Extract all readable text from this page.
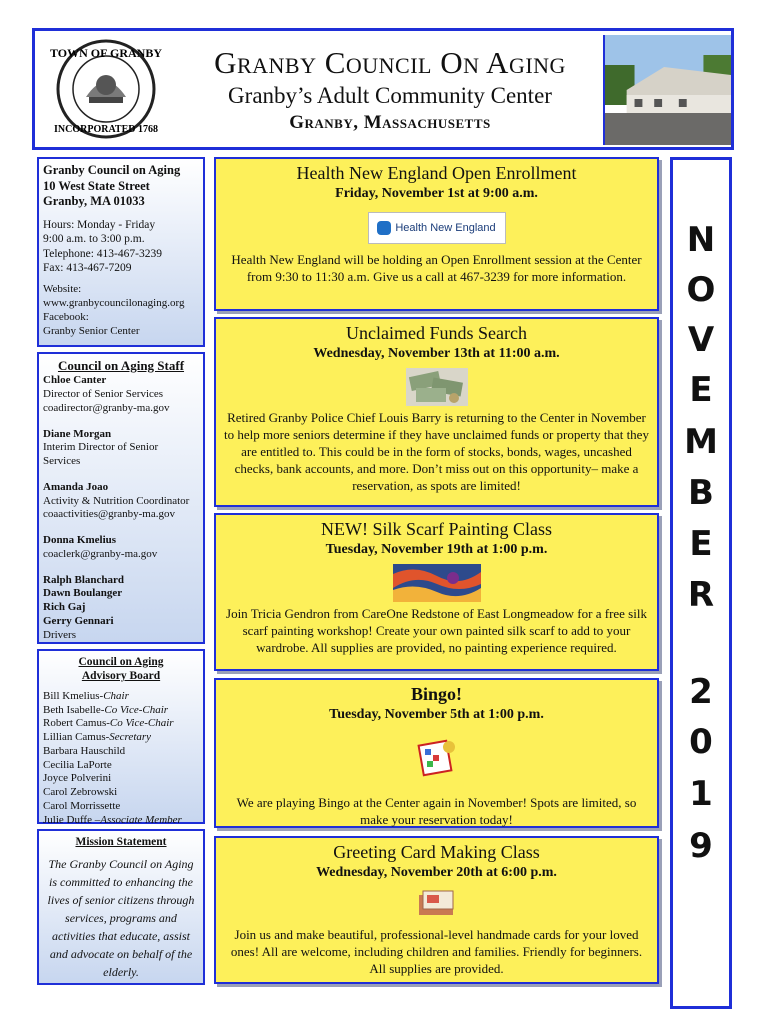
TOWN OF GRANBY
INCORPORATED 1768
Granby Council On Aging
Granby’s Adult Community Center
Granby, Massachusetts

Granby Council on Aging

10 West State Street

Granby, MA 01033

Hours: Monday - Friday

9:00 a.m. to 3:00 p.m.

Telephone: 413-467-3239

Fax: 413-467-7209

Website:

www.granbycouncilonaging.org

Facebook:

Granby Senior Center

Council on Aging Staff

Chloe Canter

Director of Senior Services

coadirector@granby-ma.gov

Diane Morgan

Interim Director of Senior

Services

Amanda Joao

Activity & Nutrition Coordinator

coaactivities@granby-ma.gov

Donna Kmelius

coaclerk@granby-ma.gov

Ralph Blanchard

Dawn Boulanger

Rich Gaj

Gerry Gennari

Drivers

Council on Aging

Advisory Board

Bill Kmelius-Chair

Beth Isabelle-Co Vice-Chair

Robert Camus-Co Vice-Chair

Lillian Camus-Secretary

Barbara Hauschild

Cecilia LaPorte

Joyce Polverini

Carol Zebrowski

Carol Morrissette

Julie Duffe –Associate Member

Mission Statement

The Granby Council on Aging is committed to enhancing the lives of senior citizens through services, programs and activities that educate, assist and advocate on behalf of the elderly.

Health New England Open Enrollment
Friday, November 1st at 9:00 a.m.
Health New England
Health New England will be holding an Open Enrollment session at the Center from 9:30 to 11:30 a.m. Give us a call at 467-3239 for more information.
Unclaimed Funds Search
Wednesday, November 13th at 11:00 a.m.
Retired Granby Police Chief Louis Barry is returning to the Center in November to help more seniors determine if they have unclaimed funds or property that they are entitled to. This could be in the form of stocks, bonds, wages, uncashed checks, bank accounts, and more. Don’t miss out on this opportunity– make a reservation, as spots are limited!
NEW! Silk Scarf Painting Class
Tuesday, November 19th at 1:00 p.m.
Join Tricia Gendron from CareOne Redstone of East Longmeadow for a free silk scarf painting workshop! Create your own painted silk scarf to add to your wardrobe. All supplies are provided, no painting experience required.
Bingo!
Tuesday, November 5th at 1:00 p.m.
We are playing Bingo at the Center again in November! Spots are limited, so make your reservation today!
Greeting Card Making Class
Wednesday, November 20th at 6:00 p.m.
Join us and make beautiful, professional-level handmade cards for your loved ones! All are welcome, including children and families. Friendly for beginners. All supplies are provided.
N
O
V
E
M
B
E
R
2
0
1
9
